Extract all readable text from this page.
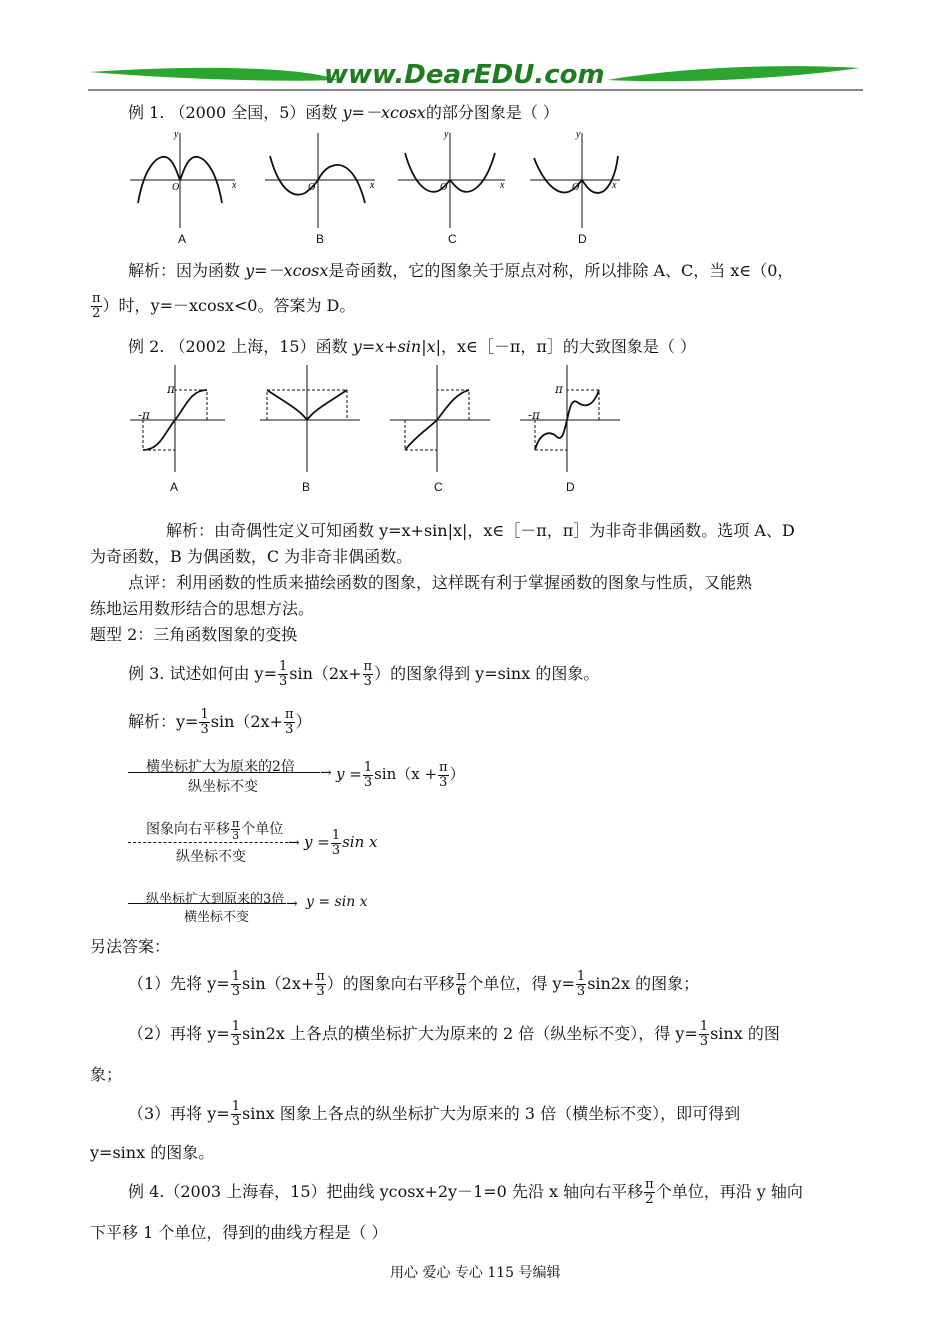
www.DearEDU.com
例 1. （2000 全国，5）函数 y=－xcosx的部分图象是（ ）
O	x
y
O	x	O	x
y
O	x
y
A	B	C	D
解析：因为函数 y=－xcosx是奇函数，它的图象关于原点对称，所以排除 A、C，当 x∈（0，
$\frac{\pi}{2}$ ）时，y=－xcosx<0。答案为 D。
例 2. （2002 上海，15）函数 y=x+sin|x|，x∈［－π，π］的大致图象是（ ）
π
-π
π
-π
A	B	C	D
解析：由奇偶性定义可知函数 y=x+sin|x|，x∈［－π，π］为非奇非偶函数。选项 A、D
为奇函数，B 为偶函数，C 为非奇非偶函数。
点评：利用函数的性质来描绘函数的图象，这样既有利于掌握函数的图象与性质，又能熟
练地运用数形结合的思想方法。
题型 2：三角函数图象的变换
例 3. 试述如何由 $y= \frac{1}{3} \sin(2x+ \frac{\pi}{3}$ ）的图象得到 y=sinx 的图象。
解析：$y= \frac{1}{3} \sin(2x+ \frac{\pi}{3}$ ）
横坐标扩大为原来的2倍 →
纵坐标不变
$y = \frac{1}{3} \sin(x + \frac{\pi}{3}$ ）
图象向右平移 $\frac{\pi}{3}$ 个单位
→
纵坐标不变
$y = \frac{1}{3}$ sin x
纵坐标扩大到原来的3倍 →
横坐标不变
y = sin x
另法答案：
（1）先将 $y= \frac{1}{3} \sin(2x+ \frac{\pi}{3}$ ）的图象向右平移 $\frac{\pi}{6}$ 个单位，得 $y= \frac{1}{3} \sin 2x$ 的图象；
（2）再将 $y= \frac{1}{3} \sin 2x$ 上各点的横坐标扩大为原来的 2 倍（纵坐标不变），得 $y= \frac{1}{3}$ sinx 的图
象；
（3）再将 $y= \frac{1}{3}$ sinx 图象上各点的纵坐标扩大为原来的 3 倍（横坐标不变），即可得到
y=sinx 的图象。
例 4.（2003 上海春，15）把曲线 ycosx+2y－1=0 先沿 x 轴向右平移 $\frac{\pi}{2}$ 个单位，再沿 y 轴向
下平移 1 个单位，得到的曲线方程是（ ）
用心 爱心 专心 115 号编辑
